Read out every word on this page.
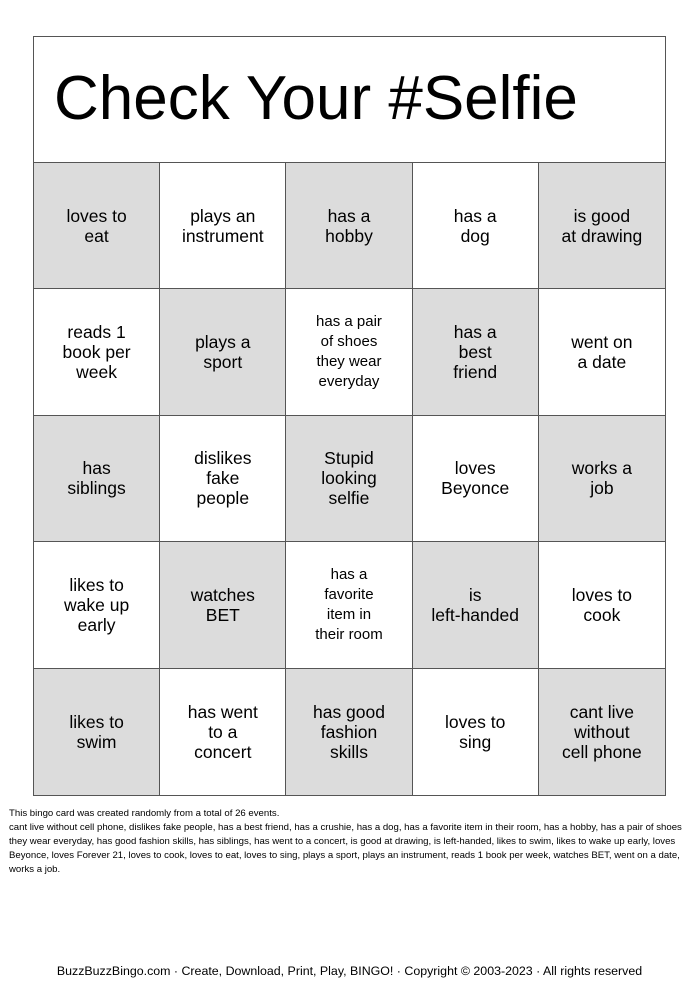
Check Your #Selfie
loves to
eat
plays an
instrument
has a
hobby
has a
dog
is good
at drawing
reads 1
book per
week
plays a
sport
has a pair
of shoes
they wear
everyday
has a
best
friend
went on
a date
has
siblings
dislikes
fake
people
Stupid
looking
selfie
loves
Beyonce
works a
job
likes to
wake up
early
watches
BET
has a
favorite
item in
their room
is
left-handed
loves to
cook
likes to
swim
has went
to a
concert
has good
fashion
skills
loves to
sing
cant live
without
cell phone
This bingo card was created randomly from a total of 26 events.
cant live without cell phone, dislikes fake people, has a best friend, has a crushie, has a dog, has a favorite item in their room, has a hobby, has a pair of shoes they wear everyday, has good fashion skills, has siblings, has went to a concert, is good at drawing, is left-handed, likes to swim, likes to wake up early, loves Beyonce, loves Forever 21, loves to cook, loves to eat, loves to sing, plays a sport, plays an instrument, reads 1 book per week, watches BET, went on a date, works a job.
BuzzBuzzBingo.com · Create, Download, Print, Play, BINGO! · Copyright © 2003-2023 · All rights reserved
